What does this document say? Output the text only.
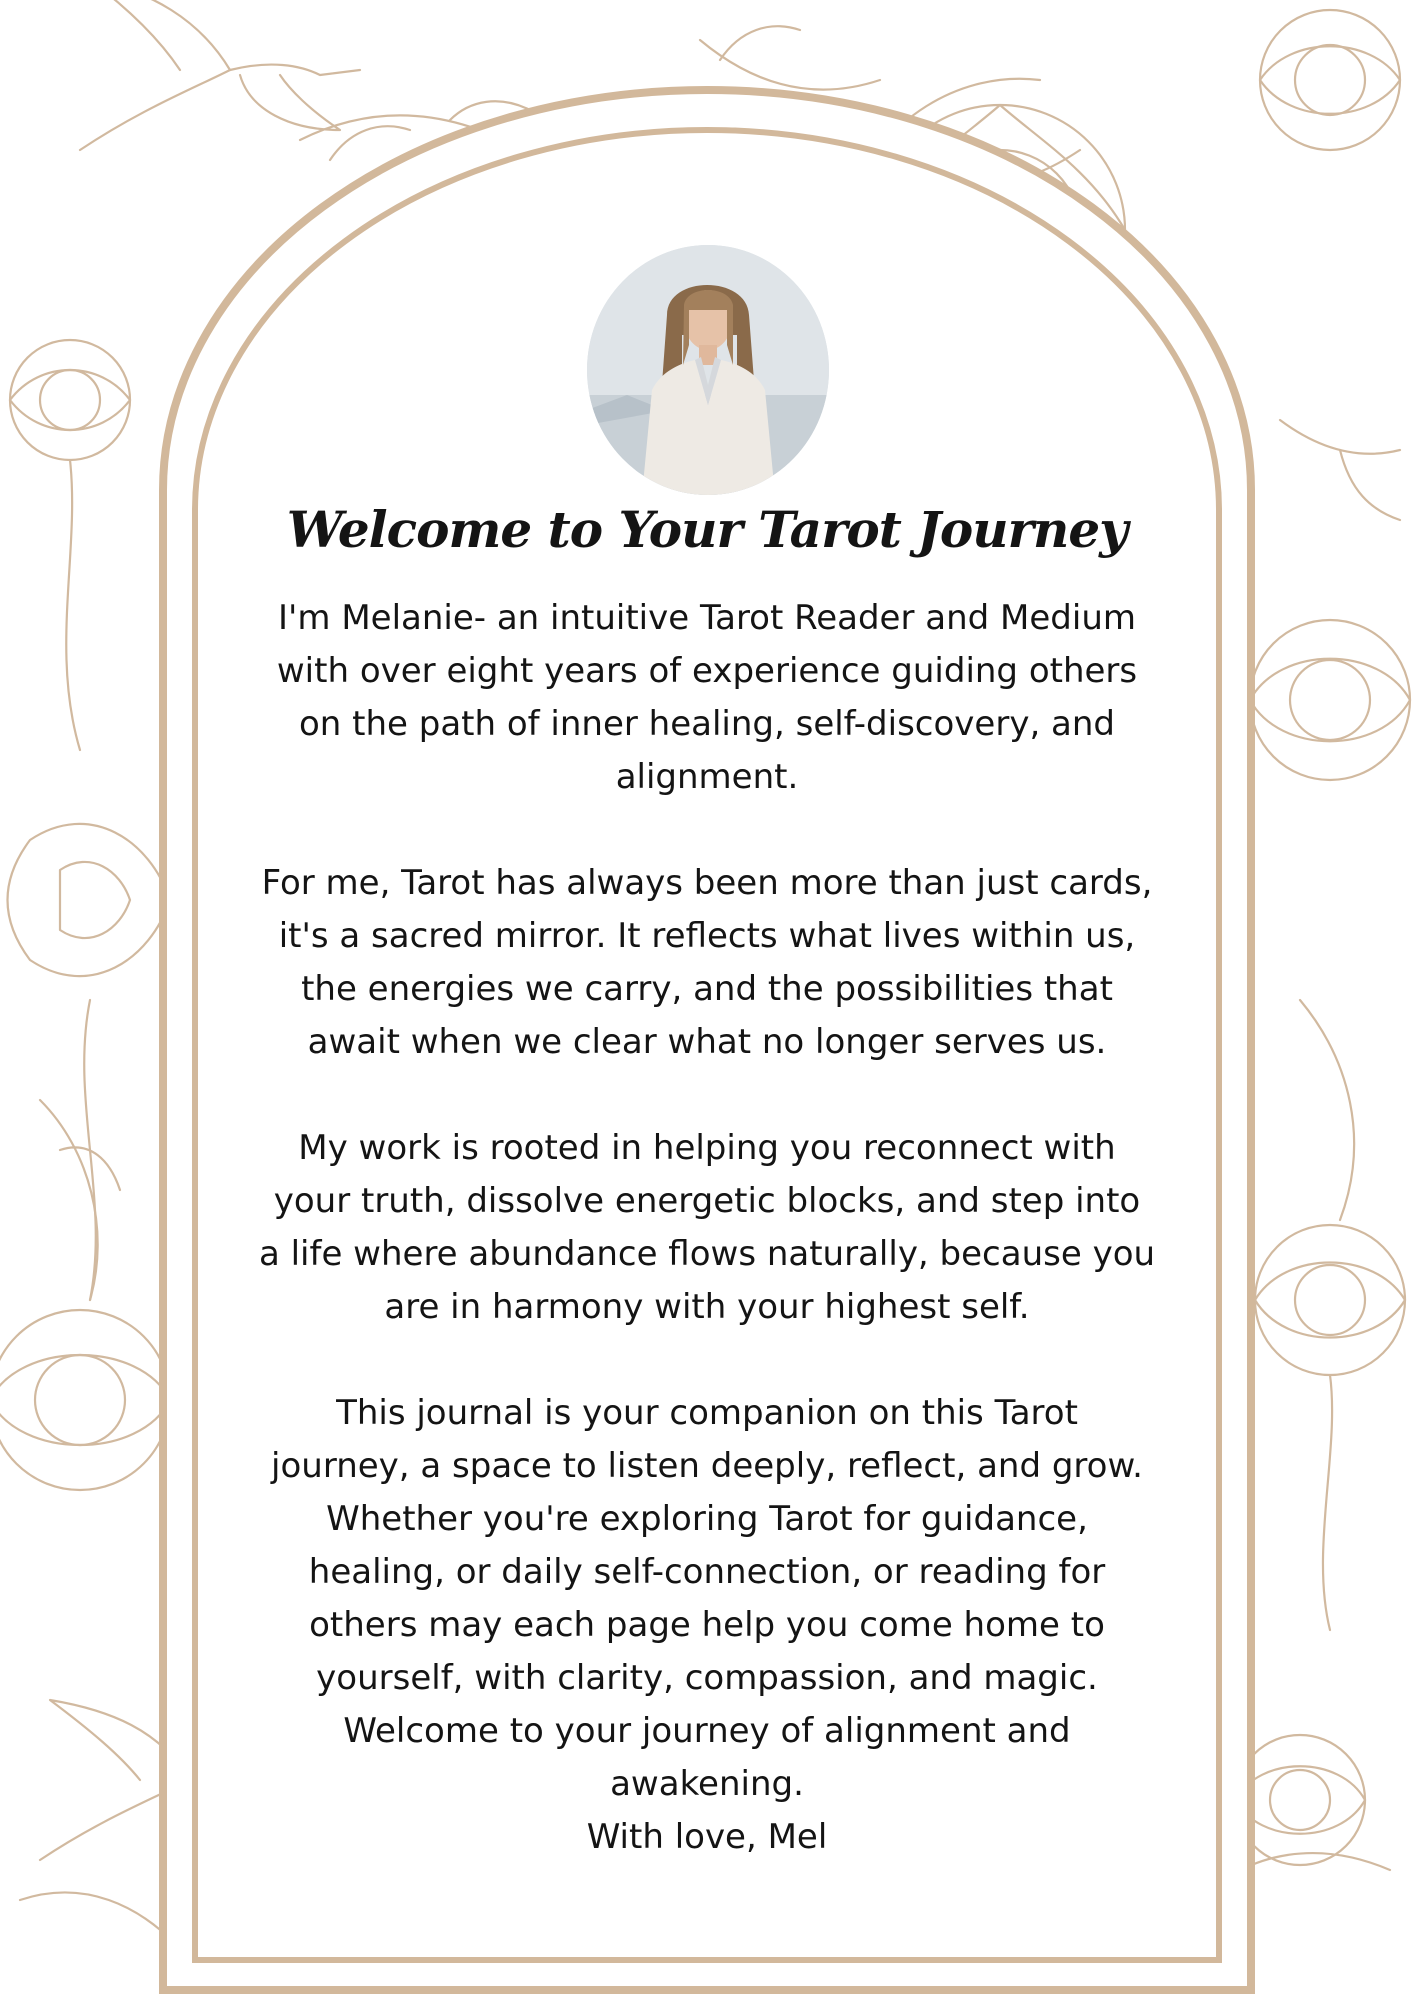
Welcome to Your Tarot Journey

I'm Melanie- an intuitive Tarot Reader and Medium
with over eight years of experience guiding others
on the path of inner healing, self-discovery, and
alignment.

For me, Tarot has always been more than just cards,
it's a sacred mirror. It reflects what lives within us,
the energies we carry, and the possibilities that
await when we clear what no longer serves us.

My work is rooted in helping you reconnect with
your truth, dissolve energetic blocks, and step into
a life where abundance flows naturally, because you
are in harmony with your highest self.

This journal is your companion on this Tarot
journey, a space to listen deeply, reflect, and grow.
Whether you're exploring Tarot for guidance,
healing, or daily self-connection, or reading for
others may each page help you come home to
yourself, with clarity, compassion, and magic.
Welcome to your journey of alignment and
awakening.
With love, Mel
